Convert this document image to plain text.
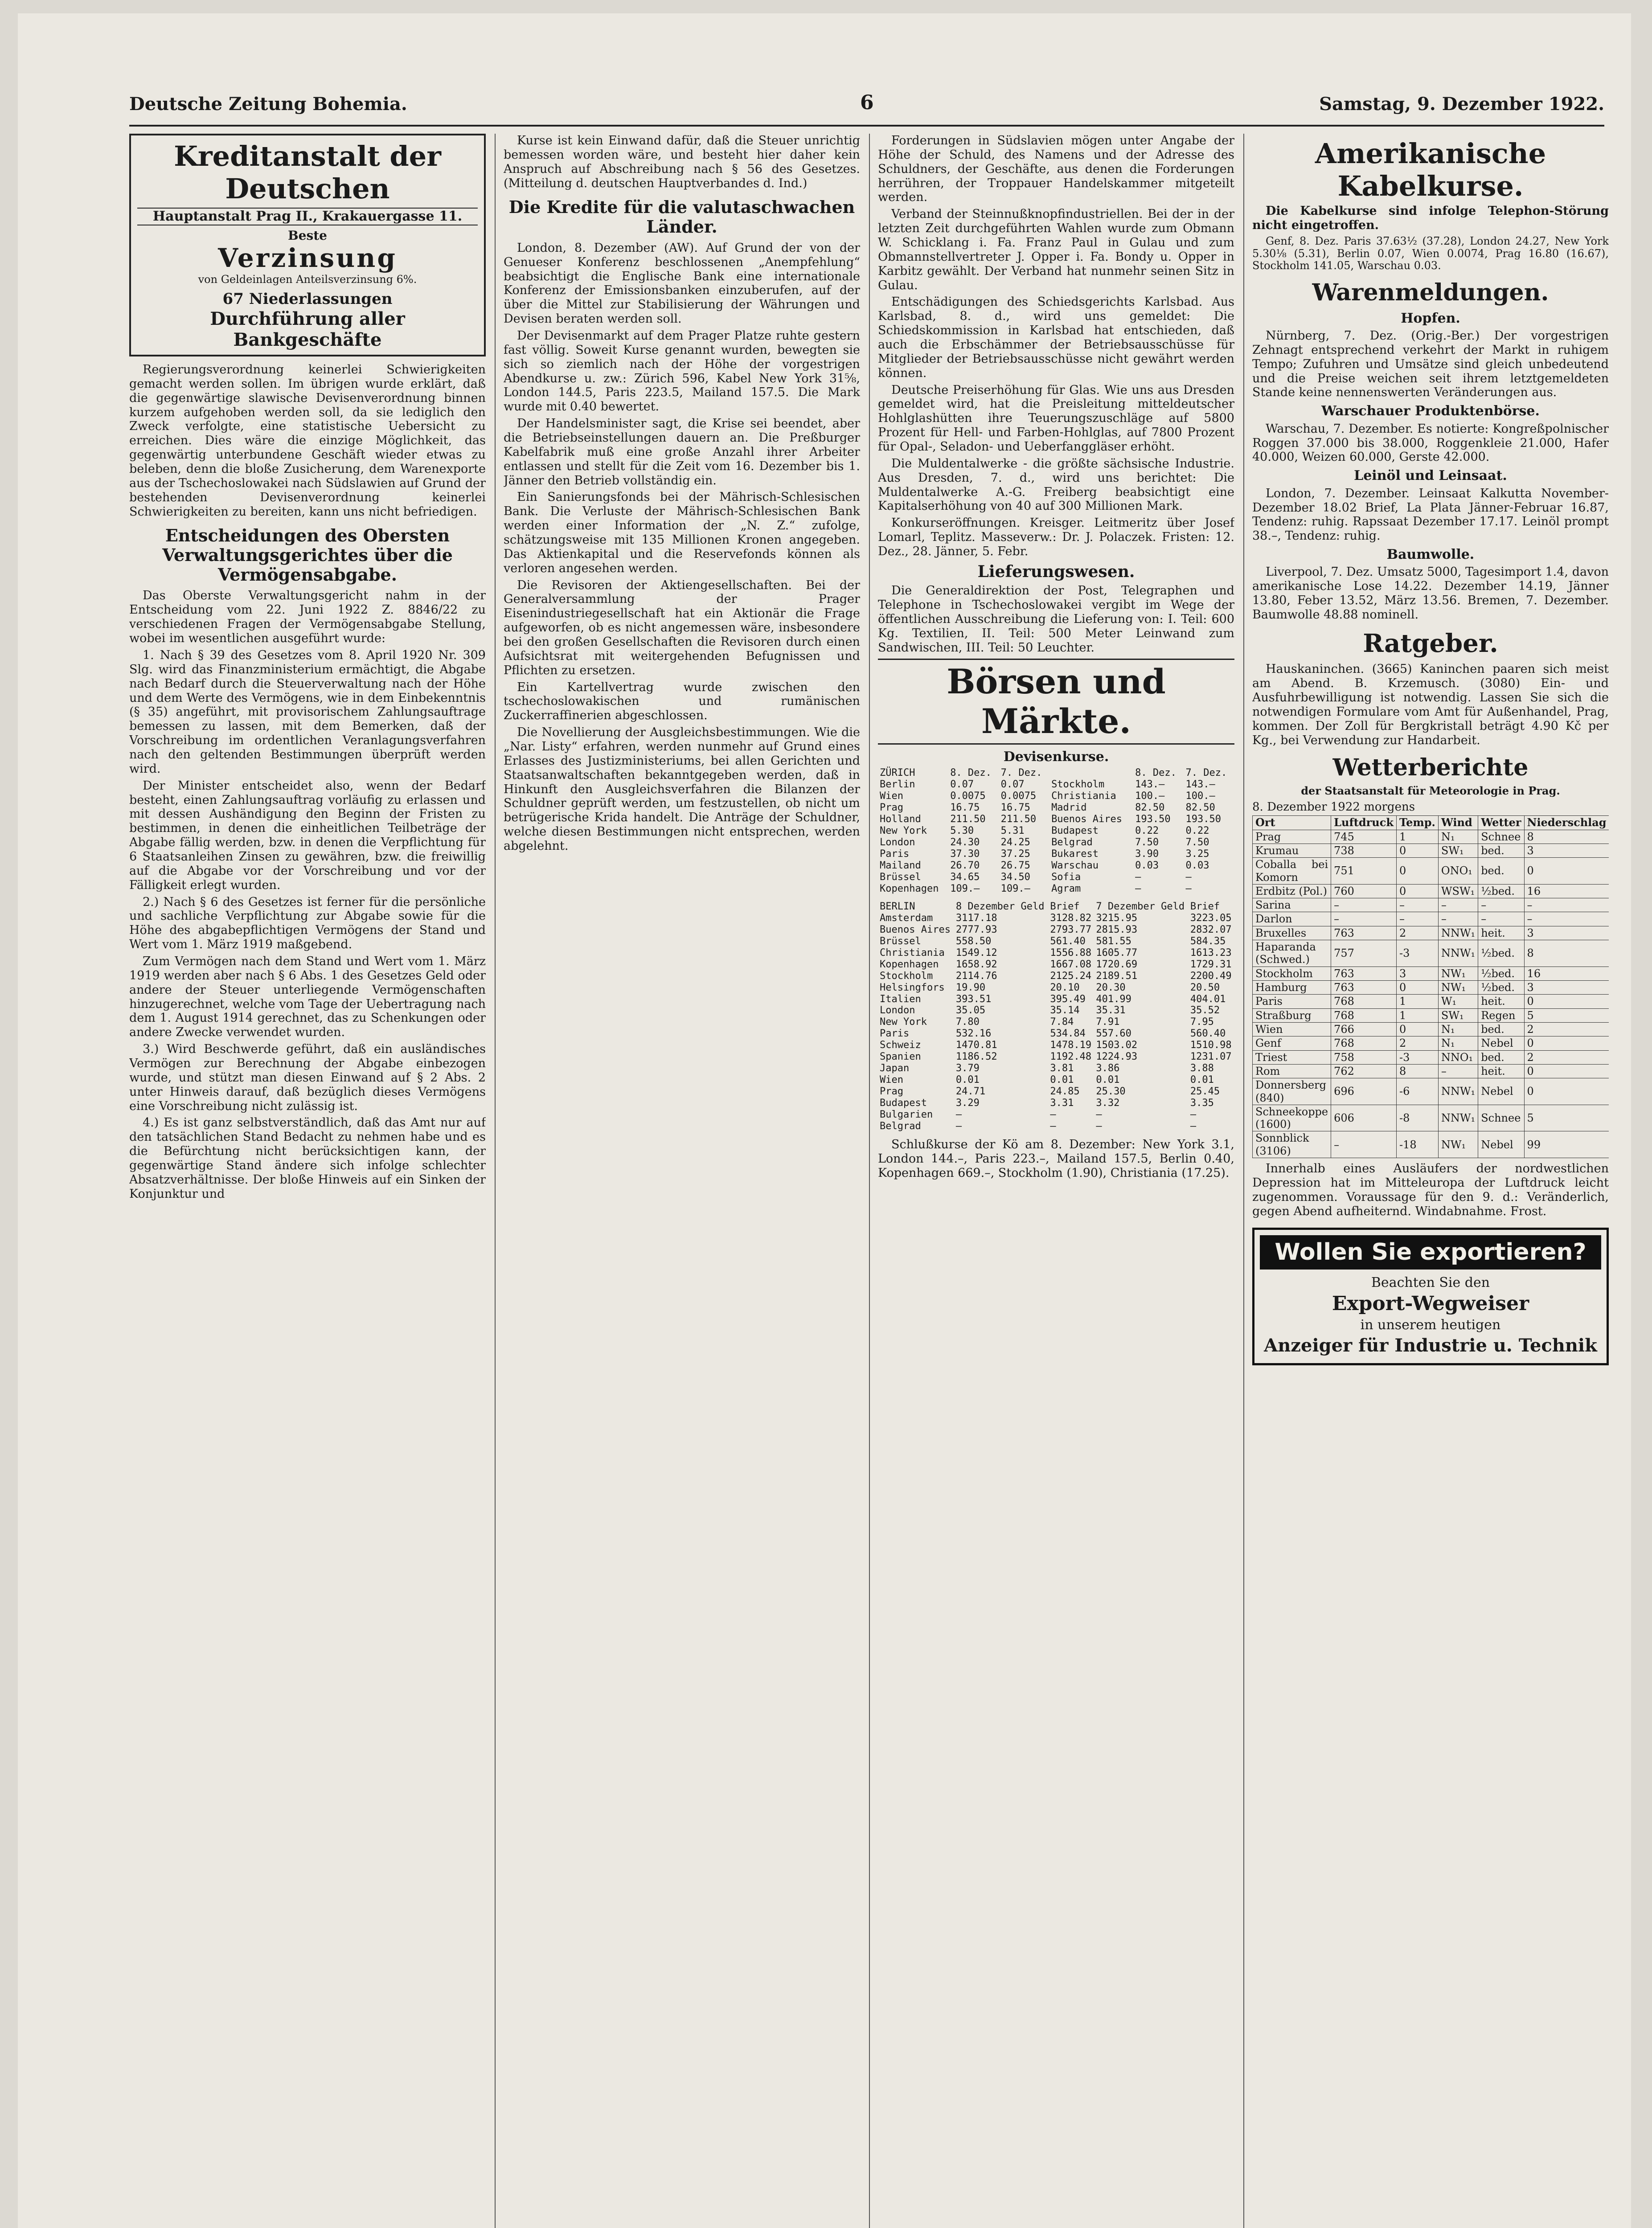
Deutsche Zeitung Bohemia.	6	Samstag, 9. Dezember 1922.
Kreditanstalt der Deutschen
Hauptanstalt Prag II., Krakauergasse 11.
Beste
Verzinsung
von Geldeinlagen Anteilsverzinsung 6%.
67 Niederlassungen
Durchführung aller Bankgeschäfte

Regierungsverordnung keinerlei Schwierigkeiten gemacht werden sollen. Im übrigen wurde erklärt, daß die gegenwärtige slawische Devisenverordnung binnen kurzem aufgehoben werden soll, da sie lediglich den Zweck verfolgte, eine statistische Uebersicht zu erreichen. Dies wäre die einzige Möglichkeit, das gegenwärtig unterbundene Geschäft wieder etwas zu beleben, denn die bloße Zusicherung, dem Warenexporte aus der Tschechoslowakei nach Südslawien auf Grund der bestehenden Devisenverordnung keinerlei Schwierigkeiten zu bereiten, kann uns nicht befriedigen.

Entscheidungen des Obersten Verwaltungsgerichtes über die Vermögensabgabe.

Das Oberste Verwaltungsgericht nahm in der Entscheidung vom 22. Juni 1922 Z. 8846/22 zu verschiedenen Fragen der Vermögensabgabe Stellung, wobei im wesentlichen ausgeführt wurde:

1. Nach § 39 des Gesetzes vom 8. April 1920 Nr. 309 Slg. wird das Finanzministerium ermächtigt, die Abgabe nach Bedarf durch die Steuerverwaltung nach der Höhe und dem Werte des Vermögens, wie in dem Einbekenntnis (§ 35) angeführt, mit provisorischem Zahlungsauftrage bemessen zu lassen, mit dem Bemerken, daß der Vorschreibung im ordentlichen Veranlagungsverfahren nach den geltenden Bestimmungen überprüft werden wird.

Der Minister entscheidet also, wenn der Bedarf besteht, einen Zahlungsauftrag vorläufig zu erlassen und mit dessen Aushändigung den Beginn der Fristen zu bestimmen, in denen die einheitlichen Teilbeträge der Abgabe fällig werden, bzw. in denen die Verpflichtung für 6 Staatsanleihen Zinsen zu gewähren, bzw. die freiwillig auf die Abgabe vor der Vorschreibung und vor der Fälligkeit erlegt wurden.

2.) Nach § 6 des Gesetzes ist ferner für die persönliche und sachliche Verpflichtung zur Abgabe sowie für die Höhe des abgabepflichtigen Vermögens der Stand und Wert vom 1. März 1919 maßgebend.

Zum Vermögen nach dem Stand und Wert vom 1. März 1919 werden aber nach § 6 Abs. 1 des Gesetzes Geld oder andere der Steuer unterliegende Vermögenschaften hinzugerechnet, welche vom Tage der Uebertragung nach dem 1. August 1914 gerechnet, das zu Schenkungen oder andere Zwecke verwendet wurden.

3.) Wird Beschwerde geführt, daß ein ausländisches Vermögen zur Berechnung der Abgabe einbezogen wurde, und stützt man diesen Einwand auf § 2 Abs. 2 unter Hinweis darauf, daß bezüglich dieses Vermögens eine Vorschreibung nicht zulässig ist.

4.) Es ist ganz selbstverständlich, daß das Amt nur auf den tatsächlichen Stand Bedacht zu nehmen habe und es die Befürchtung nicht berücksichtigen kann, der gegenwärtige Stand ändere sich infolge schlechter Absatzverhältnisse. Der bloße Hinweis auf ein Sinken der Konjunktur und

Kurse ist kein Einwand dafür, daß die Steuer unrichtig bemessen worden wäre, und besteht hier daher kein Anspruch auf Abschreibung nach § 56 des Gesetzes. (Mitteilung d. deutschen Hauptverbandes d. Ind.)

Die Kredite für die valutaschwachen Länder.

London, 8. Dezember (AW). Auf Grund der von der Genueser Konferenz beschlossenen „Anempfehlung“ beabsichtigt die Englische Bank eine internationale Konferenz der Emissionsbanken einzuberufen, auf der über die Mittel zur Stabilisierung der Währungen und Devisen beraten werden soll.

Der Devisenmarkt auf dem Prager Platze ruhte gestern fast völlig. Soweit Kurse genannt wurden, bewegten sie sich so ziemlich nach der Höhe der vorgestrigen Abendkurse u. zw.: Zürich 596, Kabel New York 31⅝, London 144.5, Paris 223.5, Mailand 157.5. Die Mark wurde mit 0.40 bewertet.

Der Handelsminister sagt, die Krise sei beendet, aber die Betriebseinstellungen dauern an. Die Preßburger Kabelfabrik muß eine große Anzahl ihrer Arbeiter entlassen und stellt für die Zeit vom 16. Dezember bis 1. Jänner den Betrieb vollständig ein.

Ein Sanierungsfonds bei der Mährisch-Schlesischen Bank. Die Verluste der Mährisch-Schlesischen Bank werden einer Information der „N. Z.“ zufolge, schätzungsweise mit 135 Millionen Kronen angegeben. Das Aktienkapital und die Reservefonds können als verloren angesehen werden.

Die Revisoren der Aktiengesellschaften. Bei der Generalversammlung der Prager Eisenindustriegesellschaft hat ein Aktionär die Frage aufgeworfen, ob es nicht angemessen wäre, insbesondere bei den großen Gesellschaften die Revisoren durch einen Aufsichtsrat mit weitergehenden Befugnissen und Pflichten zu ersetzen.

Ein Kartellvertrag wurde zwischen den tschechoslowakischen und rumänischen Zuckerraffinerien abgeschlossen.

Die Novellierung der Ausgleichsbestimmungen. Wie die „Nar. Listy“ erfahren, werden nunmehr auf Grund eines Erlasses des Justizministeriums, bei allen Gerichten und Staatsanwaltschaften bekanntgegeben werden, daß in Hinkunft den Ausgleichsverfahren die Bilanzen der Schuldner geprüft werden, um festzustellen, ob nicht um betrügerische Krida handelt. Die Anträge der Schuldner, welche diesen Bestimmungen nicht entsprechen, werden abgelehnt.

Forderungen in Südslavien mögen unter Angabe der Höhe der Schuld, des Namens und der Adresse des Schuldners, der Geschäfte, aus denen die Forderungen herrühren, der Troppauer Handelskammer mitgeteilt werden.

Verband der Steinnußknopfindustriellen. Bei der in der letzten Zeit durchgeführten Wahlen wurde zum Obmann W. Schicklang i. Fa. Franz Paul in Gulau und zum Obmannstellvertreter J. Opper i. Fa. Bondy u. Opper in Karbitz gewählt. Der Verband hat nunmehr seinen Sitz in Gulau.

Entschädigungen des Schiedsgerichts Karlsbad. Aus Karlsbad, 8. d., wird uns gemeldet: Die Schiedskommission in Karlsbad hat entschieden, daß auch die Erbschämmer der Betriebsausschüsse für Mitglieder der Betriebsausschüsse nicht gewährt werden können.

Deutsche Preiserhöhung für Glas. Wie uns aus Dresden gemeldet wird, hat die Preisleitung mitteldeutscher Hohlglashütten ihre Teuerungszuschläge auf 5800 Prozent für Hell- und Farben-Hohlglas, auf 7800 Prozent für Opal-, Seladon- und Ueberfanggläser erhöht.

Die Muldentalwerke - die größte sächsische Industrie. Aus Dresden, 7. d., wird uns berichtet: Die Muldentalwerke A.-G. Freiberg beabsichtigt eine Kapitalserhöhung von 40 auf 300 Millionen Mark.

Konkurseröffnungen. Kreisger. Leitmeritz über Josef Lomarl, Teplitz. Masseverw.: Dr. J. Polaczek. Fristen: 12. Dez., 28. Jänner, 5. Febr.

Lieferungswesen.

Die Generaldirektion der Post, Telegraphen und Telephone in Tschechoslowakei vergibt im Wege der öffentlichen Ausschreibung die Lieferung von: I. Teil: 600 Kg. Textilien, II. Teil: 500 Meter Leinwand zum Sandwischen, III. Teil: 50 Leuchter.

Börsen und Märkte.
Devisenkurse.
ZÜRICH	8. Dez.	7. Dez.		8. Dez.	7. Dez.
Berlin	0.07	0.07	Stockholm	143.–	143.–
Wien	0.0075	0.0075	Christiania	100.–	100.–
Prag	16.75	16.75	Madrid	82.50	82.50
Holland	211.50	211.50	Buenos Aires	193.50	193.50
New York	5.30	5.31	Budapest	0.22	0.22
London	24.30	24.25	Belgrad	7.50	7.50
Paris	37.30	37.25	Bukarest	3.90	3.25
Mailand	26.70	26.75	Warschau	0.03	0.03
Brüssel	34.65	34.50	Sofia	–	–
Kopenhagen	109.–	109.–	Agram	–	–
BERLIN	8 Dezember Geld	Brief	7 Dezember Geld	Brief
Amsterdam	3117.18	3128.82	3215.95	3223.05
Buenos Aires	2777.93	2793.77	2815.93	2832.07
Brüssel	558.50	561.40	581.55	584.35
Christiania	1549.12	1556.88	1605.77	1613.23
Kopenhagen	1658.92	1667.08	1720.69	1729.31
Stockholm	2114.76	2125.24	2189.51	2200.49
Helsingfors	19.90	20.10	20.30	20.50
Italien	393.51	395.49	401.99	404.01
London	35.05	35.14	35.31	35.52
New York	7.80	7.84	7.91	7.95
Paris	532.16	534.84	557.60	560.40
Schweiz	1470.81	1478.19	1503.02	1510.98
Spanien	1186.52	1192.48	1224.93	1231.07
Japan	3.79	3.81	3.86	3.88
Wien	0.01	0.01	0.01	0.01
Prag	24.71	24.85	25.30	25.45
Budapest	3.29	3.31	3.32	3.35
Bulgarien	–	–	–	–
Belgrad	–	–	–	–

Schlußkurse der Kö am 8. Dezember: New York 3.1, London 144.–, Paris 223.–, Mailand 157.5, Berlin 0.40, Kopenhagen 669.–, Stockholm (1.90), Christiania (17.25).

Amerikanische Kabelkurse.

Die Kabelkurse sind infolge Telephon-Störung nicht eingetroffen.

Genf, 8. Dez. Paris 37.63½ (37.28), London 24.27, New York 5.30⅛ (5.31), Berlin 0.07, Wien 0.0074, Prag 16.80 (16.67), Stockholm 141.05, Warschau 0.03.

Warenmeldungen.
Hopfen.

Nürnberg, 7. Dez. (Orig.-Ber.) Der vorgestrigen Zehnagt entsprechend verkehrt der Markt in ruhigem Tempo; Zufuhren und Umsätze sind gleich unbedeutend und die Preise weichen seit ihrem letztgemeldeten Stande keine nennenswerten Veränderungen aus.

Warschauer Produktenbörse.

Warschau, 7. Dezember. Es notierte: Kongreßpolnischer Roggen 37.000 bis 38.000, Roggenkleie 21.000, Hafer 40.000, Weizen 60.000, Gerste 42.000.

Leinöl und Leinsaat.

London, 7. Dezember. Leinsaat Kalkutta November-Dezember 18.02 Brief, La Plata Jänner-Februar 16.87, Tendenz: ruhig. Rapssaat Dezember 17.17. Leinöl prompt 38.–, Tendenz: ruhig.

Baumwolle.

Liverpool, 7. Dez. Umsatz 5000, Tagesimport 1.4, davon amerikanische Lose 14.22. Dezember 14.19, Jänner 13.80, Feber 13.52, März 13.56. Bremen, 7. Dezember. Baumwolle 48.88 nominell.

Ratgeber.

Hauskaninchen. (3665) Kaninchen paaren sich meist am Abend. B. Krzemusch. (3080) Ein- und Ausfuhrbewilligung ist notwendig. Lassen Sie sich die notwendigen Formulare vom Amt für Außenhandel, Prag, kommen. Der Zoll für Bergkristall beträgt 4.90 Kč per Kg., bei Verwendung zur Handarbeit.

Wetterberichte
der Staatsanstalt für Meteorologie in Prag.
8. Dezember 1922 morgens
Ort	Luftdruck	Temp.	Wind	Wetter	Niederschlag
Prag	745	1	N₁	Schnee	8
Krumau	738	0	SW₁	bed.	3
Coballa bei Komorn	751	0	ONO₁	bed.	0
Erdbitz (Pol.)	760	0	WSW₁	½bed.	16
Sarina	–	–	–	–	–
Darlon	–	–	–	–	–
Bruxelles	763	2	NNW₁	heit.	3
Haparanda (Schwed.)	757	-3	NNW₁	½bed.	8
Stockholm	763	3	NW₁	½bed.	16
Hamburg	763	0	NW₁	½bed.	3
Paris	768	1	W₁	heit.	0
Straßburg	768	1	SW₁	Regen	5
Wien	766	0	N₁	bed.	2
Genf	768	2	N₁	Nebel	0
Triest	758	-3	NNO₁	bed.	2
Rom	762	8	–	heit.	0
Donnersberg (840)	696	-6	NNW₁	Nebel	0
Schneekoppe (1600)	606	-8	NNW₁	Schnee	5
Sonnblick (3106)	–	-18	NW₁	Nebel	99

Innerhalb eines Ausläufers der nordwestlichen Depression hat im Mitteleuropa der Luftdruck leicht zugenommen. Voraussage für den 9. d.: Veränderlich, gegen Abend aufheiternd. Windabnahme. Frost.

Wollen Sie exportieren?
Beachten Sie den
Export-Wegweiser
in unserem heutigen
Anzeiger für Industrie u. Technik
